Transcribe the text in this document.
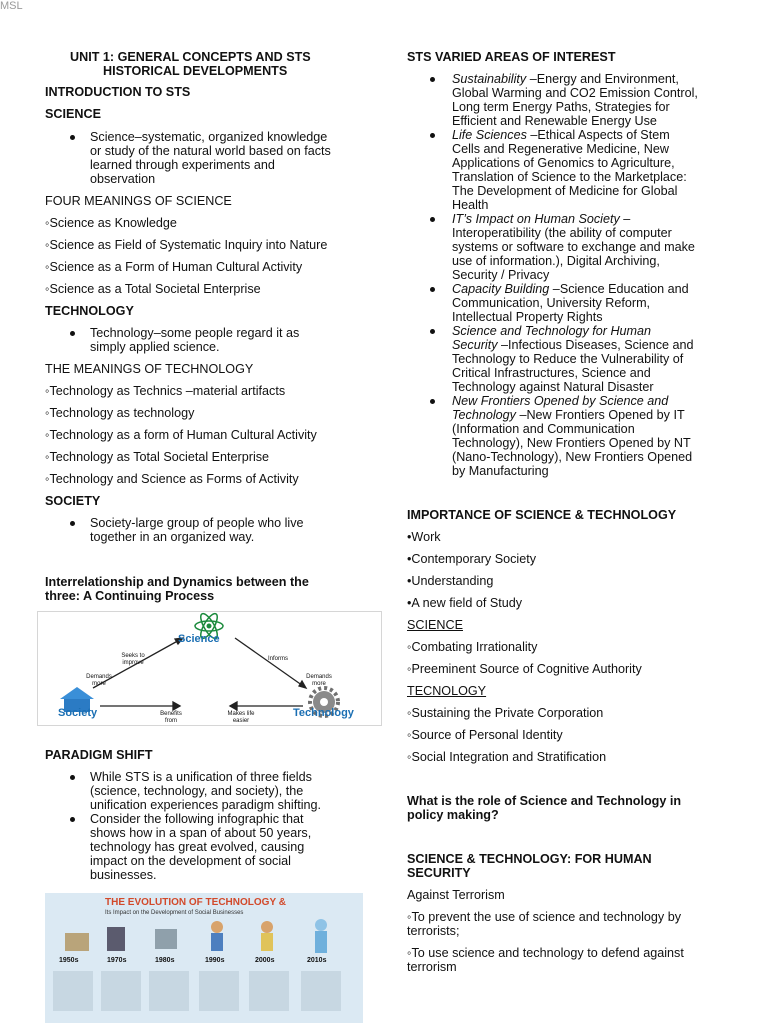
MSL
UNIT 1: GENERAL CONCEPTS AND STS
HISTORICAL DEVELOPMENTS
INTRODUCTION TO STS
SCIENCE
Science–systematic, organized knowledge
or study of the natural world based on facts
learned through experiments and
observation
FOUR MEANINGS OF SCIENCE
◦Science as Knowledge
◦Science as Field of Systematic Inquiry into Nature
◦Science as a Form of Human Cultural Activity
◦Science as a Total Societal Enterprise
TECHNOLOGY
Technology–some people regard it as
simply applied science.
THE MEANINGS OF TECHNOLOGY
◦Technology as Technics –material artifacts
◦Technology as technology
◦Technology as a form of Human Cultural Activity
◦Technology as Total Societal Enterprise
◦Technology and Science as Forms of Activity
SOCIETY
Society-large group of people who live
together in an organized way.
Interrelationship and Dynamics between the
three: A Continuing Process
Science
Society	Technology
Seeks to improve
Informs
Demands more
Demands more
Benefits from
Makes life easier
PARADIGM SHIFT
While STS is a unification of three fields
(science, technology, and society), the
unification experiences paradigm shifting.
Consider the following infographic that
shows how in a span of about 50 years,
technology has great evolved, causing
impact on the development of social
businesses.
THE EVOLUTION OF TECHNOLOGY &
Its Impact on the Development of Social Businesses
1950s	1970s	1980s	1990s	2000s	2010s
STS VARIED AREAS OF INTEREST
Sustainability –Energy and Environment,
Global Warming and CO2 Emission Control,
Long term Energy Paths, Strategies for
Efficient and Renewable Energy Use
Life Sciences –Ethical Aspects of Stem
Cells and Regenerative Medicine, New
Applications of Genomics to Agriculture,
Translation of Science to the Marketplace:
The Development of Medicine for Global
Health
IT’s Impact on Human Society –
Interoperatibility (the ability of computer
systems or software to exchange and make
use of information.), Digital Archiving,
Security / Privacy
Capacity Building –Science Education and
Communication, University Reform,
Intellectual Property Rights
Science and Technology for Human
Security –Infectious Diseases, Science and
Technology to Reduce the Vulnerability of
Critical Infrastructures, Science and
Technology against Natural Disaster
New Frontiers Opened by Science and
Technology –New Frontiers Opened by IT
(Information and Communication
Technology), New Frontiers Opened by NT
(Nano-Technology), New Frontiers Opened
by Manufacturing
IMPORTANCE OF SCIENCE & TECHNOLOGY
•Work
•Contemporary Society
•Understanding
•A new field of Study
SCIENCE
◦Combating Irrationality
◦Preeminent Source of Cognitive Authority
TECNOLOGY
◦Sustaining the Private Corporation
◦Source of Personal Identity
◦Social Integration and Stratification
What is the role of Science and Technology in
policy making?
SCIENCE & TECHNOLOGY: FOR HUMAN
SECURITY
Against Terrorism
◦To prevent the use of science and technology by
terrorists;
◦To use science and technology to defend against
terrorism
